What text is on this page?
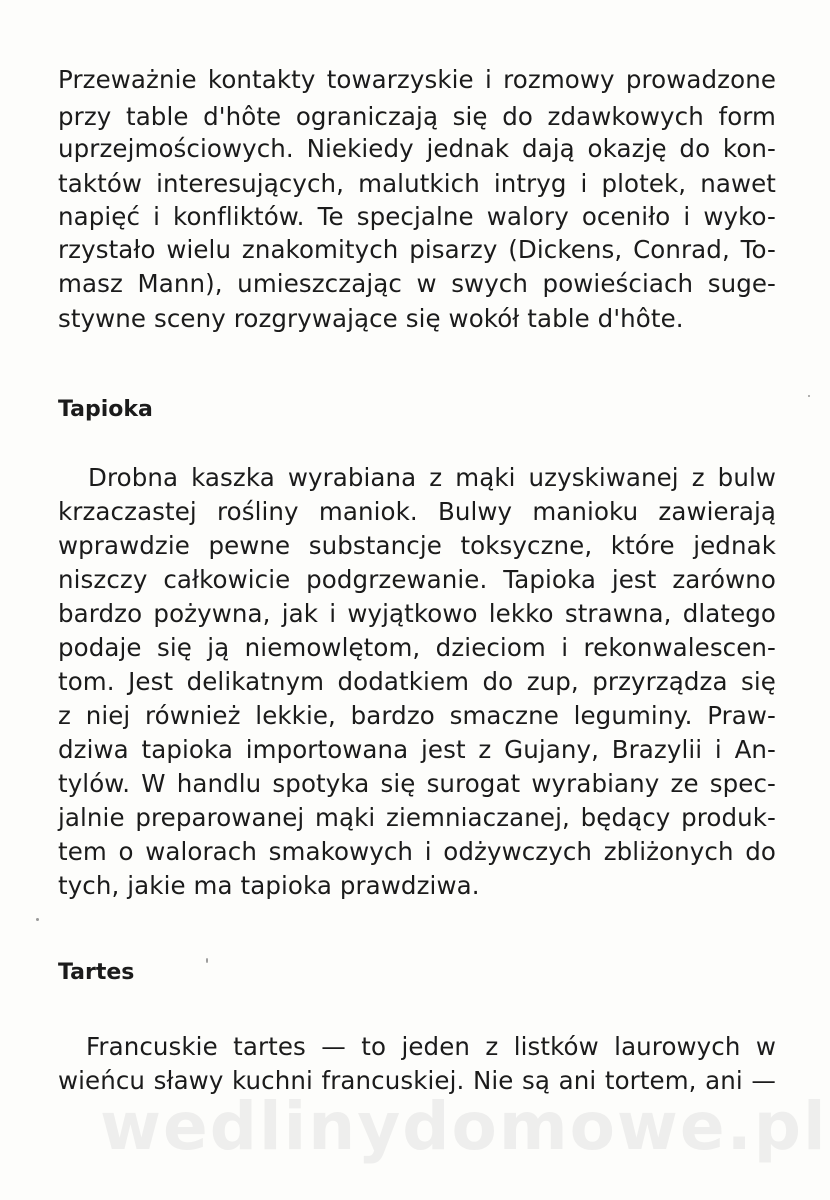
Przeważnie kontakty towarzyskie i rozmowy prowadzone
przy table d'hôte ograniczają się do zdawkowych form
uprzejmościowych. Niekiedy jednak dają okazję do kon-
taktów interesujących, malutkich intryg i plotek, nawet
napięć i konfliktów. Te specjalne walory oceniło i wyko-
rzystało wielu znakomitych pisarzy (Dickens, Conrad, To-
masz Mann), umieszczając w swych powieściach suge-
stywne sceny rozgrywające się wokół table d'hôte.
Tapioka
Drobna kaszka wyrabiana z mąki uzyskiwanej z bulw
krzaczastej rośliny maniok. Bulwy manioku zawierają
wprawdzie pewne substancje toksyczne, które jednak
niszczy całkowicie podgrzewanie. Tapioka jest zarówno
bardzo pożywna, jak i wyjątkowo lekko strawna, dlatego
podaje się ją niemowlętom, dzieciom i rekonwalescen-
tom. Jest delikatnym dodatkiem do zup, przyrządza się
z niej również lekkie, bardzo smaczne leguminy. Praw-
dziwa tapioka importowana jest z Gujany, Brazylii i An-
tylów. W handlu spotyka się surogat wyrabiany ze spec-
jalnie preparowanej mąki ziemniaczanej, będący produk-
tem o walorach smakowych i odżywczych zbliżonych do
tych, jakie ma tapioka prawdziwa.
Tartes
Francuskie tartes — to jeden z listków laurowych w
wieńcu sławy kuchni francuskiej. Nie są ani tortem, ani —
wedlinydomowe.pl
